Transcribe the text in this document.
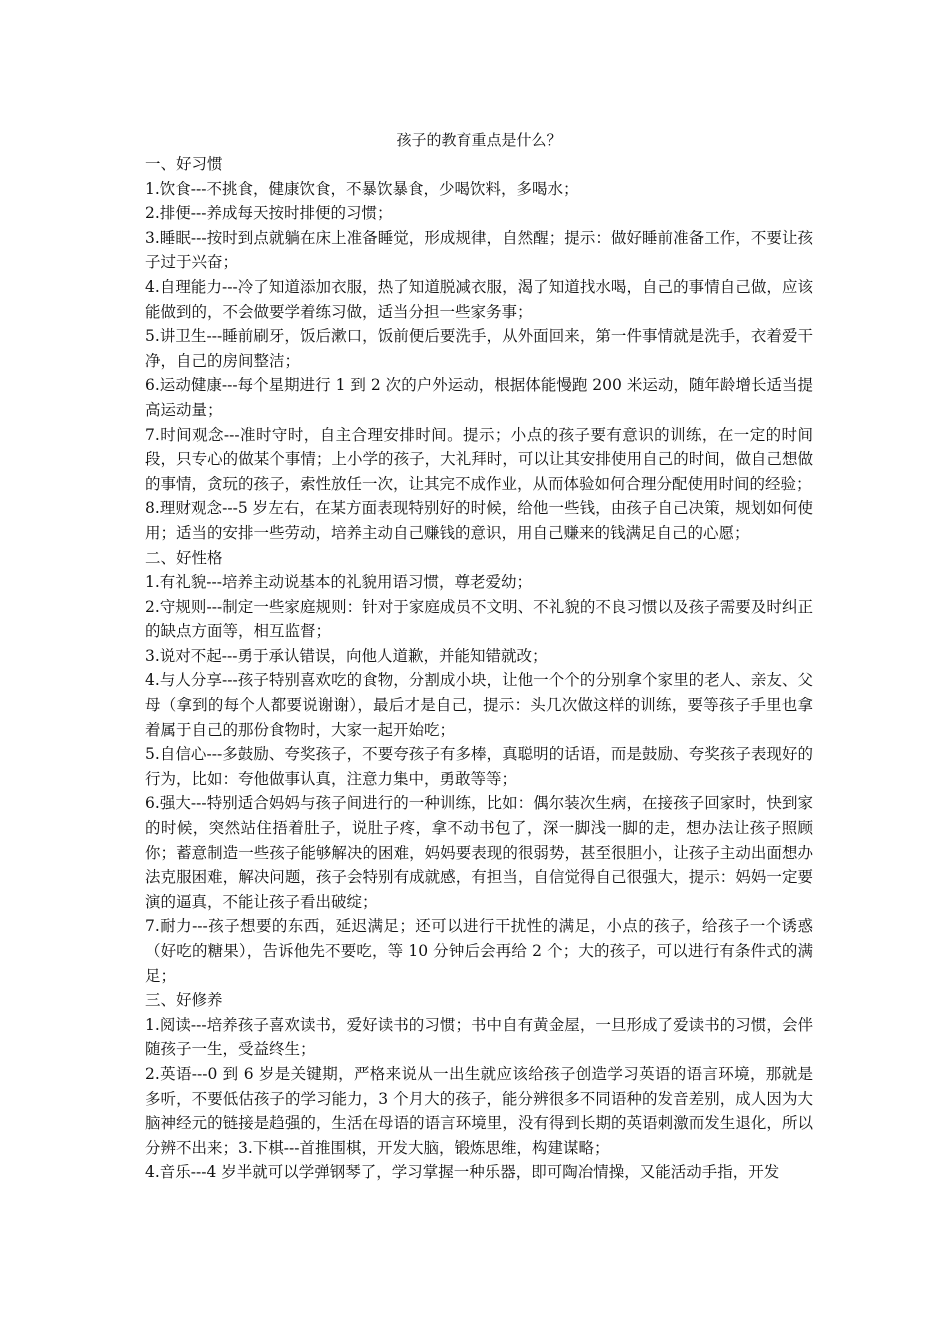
孩子的教育重点是什么？

一、好习惯

1.饮食---不挑食，健康饮食，不暴饮暴食，少喝饮料，多喝水；

2.排便---养成每天按时排便的习惯；

3.睡眠---按时到点就躺在床上准备睡觉，形成规律，自然醒；提示：做好睡前准备工作，不要让孩子过于兴奋；

4.自理能力---冷了知道添加衣服，热了知道脱减衣服，渴了知道找水喝，自己的事情自己做，应该能做到的，不会做要学着练习做，适当分担一些家务事；

5.讲卫生---睡前刷牙，饭后漱口，饭前便后要洗手，从外面回来，第一件事情就是洗手，衣着爱干净，自己的房间整洁；

6.运动健康---每个星期进行 1 到 2 次的户外运动，根据体能慢跑 200 米运动，随年龄增长适当提高运动量；

7.时间观念---准时守时，自主合理安排时间。提示；小点的孩子要有意识的训练，在一定的时间段，只专心的做某个事情；上小学的孩子，大礼拜时，可以让其安排使用自己的时间，做自己想做的事情，贪玩的孩子，索性放任一次，让其完不成作业，从而体验如何合理分配使用时间的经验；

8.理财观念---5 岁左右，在某方面表现特别好的时候，给他一些钱，由孩子自己决策，规划如何使用；适当的安排一些劳动，培养主动自己赚钱的意识，用自己赚来的钱满足自己的心愿；

二、好性格

1.有礼貌---培养主动说基本的礼貌用语习惯，尊老爱幼；

2.守规则---制定一些家庭规则：针对于家庭成员不文明、不礼貌的不良习惯以及孩子需要及时纠正的缺点方面等，相互监督；

3.说对不起---勇于承认错误，向他人道歉，并能知错就改；

4.与人分享---孩子特别喜欢吃的食物，分割成小块，让他一个个的分别拿个家里的老人、亲友、父母（拿到的每个人都要说谢谢），最后才是自己，提示：头几次做这样的训练，要等孩子手里也拿着属于自己的那份食物时，大家一起开始吃；

5.自信心---多鼓励、夸奖孩子，不要夸孩子有多棒，真聪明的话语，而是鼓励、夸奖孩子表现好的行为，比如：夸他做事认真，注意力集中，勇敢等等；

6.强大---特别适合妈妈与孩子间进行的一种训练，比如：偶尔装次生病，在接孩子回家时，快到家的时候，突然站住捂着肚子，说肚子疼，拿不动书包了，深一脚浅一脚的走，想办法让孩子照顾你；蓄意制造一些孩子能够解决的困难，妈妈要表现的很弱势，甚至很胆小，让孩子主动出面想办法克服困难，解决问题，孩子会特别有成就感，有担当，自信觉得自己很强大，提示：妈妈一定要演的逼真，不能让孩子看出破绽；

7.耐力---孩子想要的东西，延迟满足；还可以进行干扰性的满足，小点的孩子，给孩子一个诱惑（好吃的糖果），告诉他先不要吃，等 10 分钟后会再给 2 个；大的孩子，可以进行有条件式的满足；

三、好修养

1.阅读---培养孩子喜欢读书，爱好读书的习惯；书中自有黄金屋，一旦形成了爱读书的习惯，会伴随孩子一生，受益终生；

2.英语---0 到 6 岁是关键期，严格来说从一出生就应该给孩子创造学习英语的语言环境，那就是多听，不要低估孩子的学习能力，3 个月大的孩子，能分辨很多不同语种的发音差别，成人因为大脑神经元的链接是趋强的，生活在母语的语言环境里，没有得到长期的英语刺激而发生退化，所以分辨不出来；3.下棋---首推围棋，开发大脑，锻炼思维，构建谋略；

4.音乐---4 岁半就可以学弹钢琴了，学习掌握一种乐器，即可陶冶情操，又能活动手指，开发
